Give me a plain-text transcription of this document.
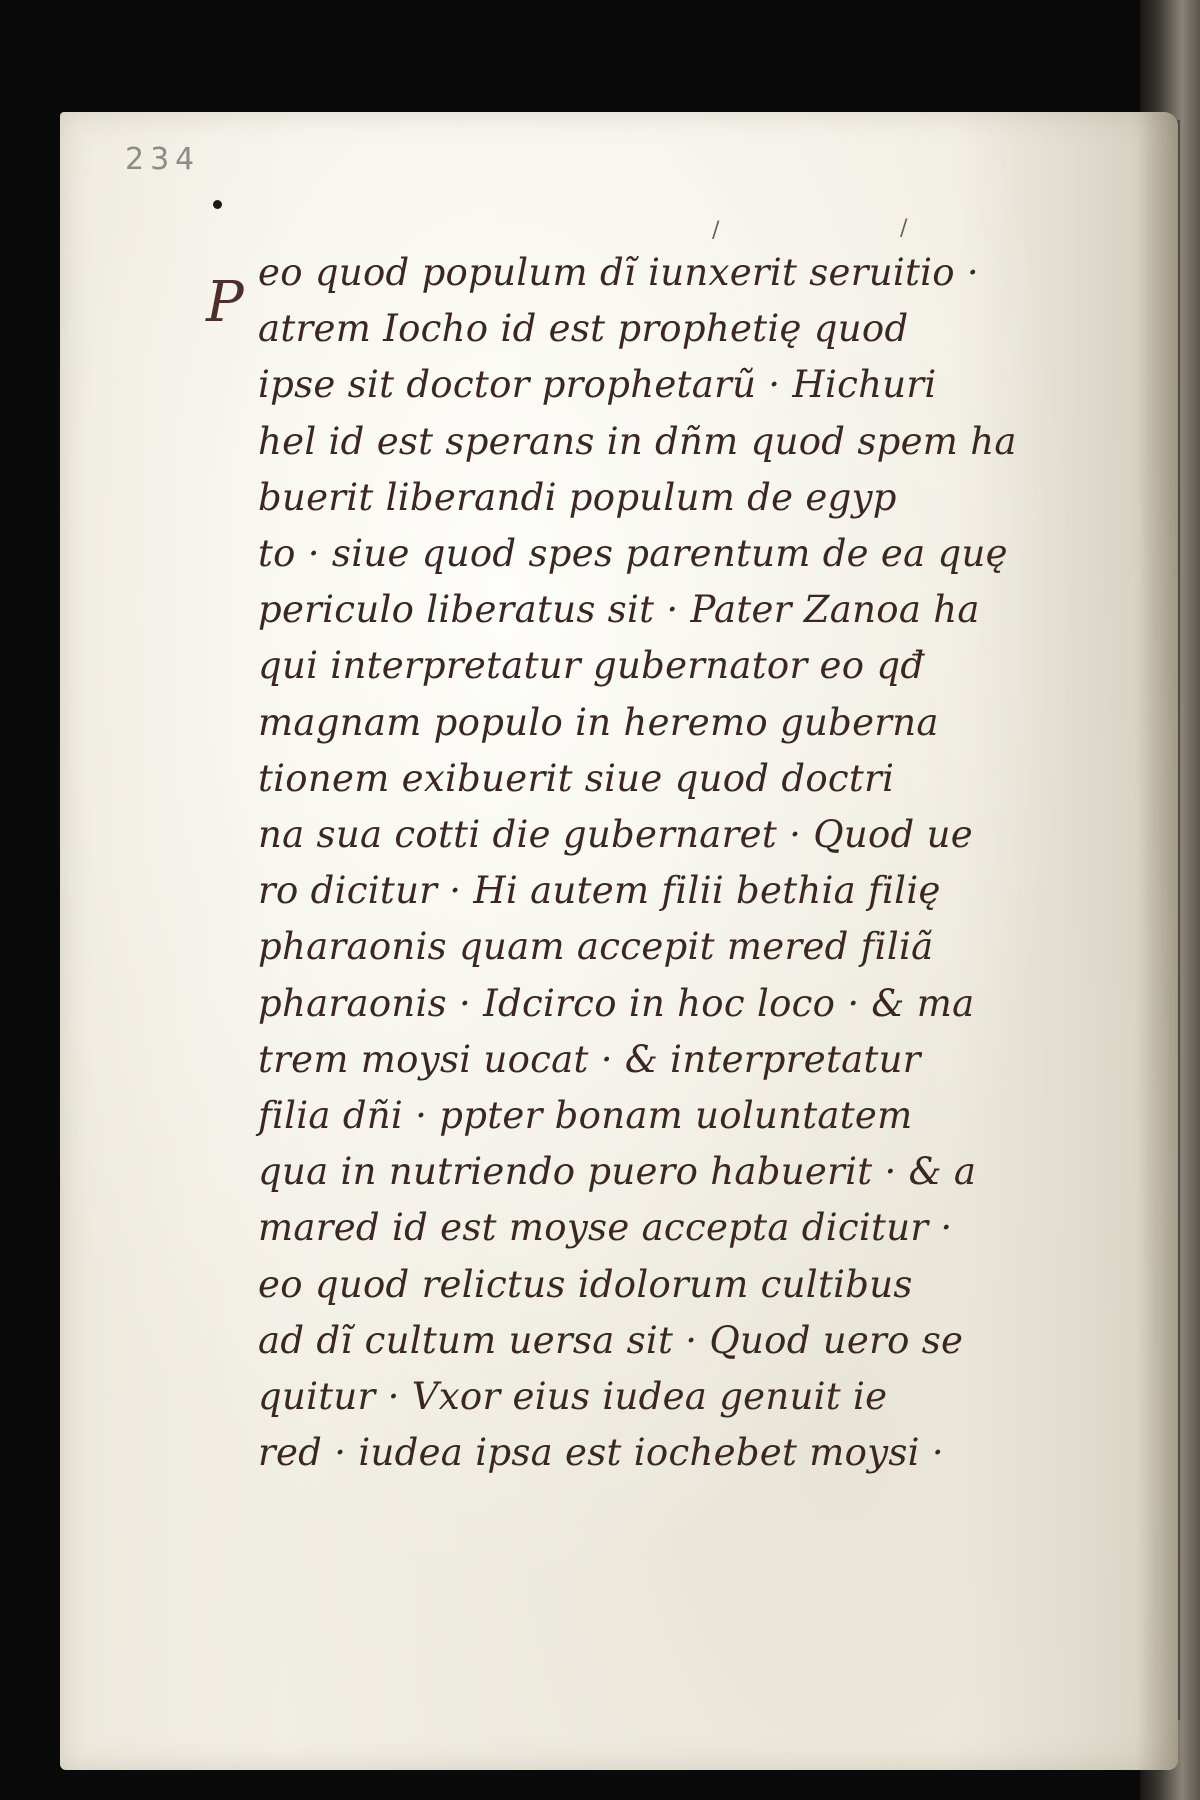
234
/	/
P eo quod populum dĩ iunxerit seruitio ·
atrem Iocho id est prophetię quod
ipse sit doctor prophetarũ · Hichuri
hel id est sperans in dñm quod spem ha
buerit liberandi populum de egyp
to · siue quod spes parentum de ea quę
periculo liberatus sit · Pater Zanoa ha
qui interpretatur gubernator eo qđ
magnam populo in heremo guberna
tionem exibuerit siue quod doctri
na sua cotti die gubernaret · Quod ue
ro dicitur · Hi autem filii bethia filię
pharaonis quam accepit mered filiã
pharaonis · Idcirco in hoc loco · & ma
trem moysi uocat · & interpretatur
filia dñi · ppter bonam uoluntatem
qua in nutriendo puero habuerit · & a
mared id est moyse accepta dicitur ·
eo quod relictus idolorum cultibus
ad dĩ cultum uersa sit · Quod uero se
quitur · Vxor eius iudea genuit ie
red · iudea ipsa est iochebet moysi ·
